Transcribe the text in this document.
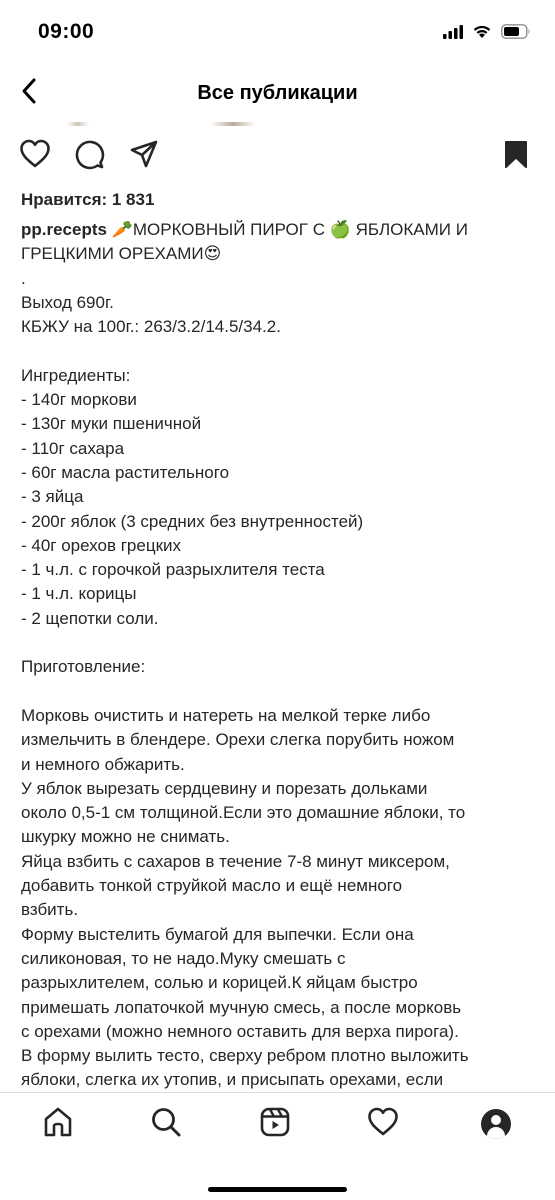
09:00
Все публикации
Нравится: 1 831
pp.recepts 🥕МОРКОВНЫЙ ПИРОГ С 🍏 ЯБЛОКАМИ И
ГРЕЦКИМИ ОРЕХАМИ😍
.
Выход 690г.
КБЖУ на 100г.: 263/3.2/14.5/34.2.
Ингредиенты:
- 140г моркови
- 130г муки пшеничной
- 110г сахара
- 60г масла растительного
- 3 яйца
- 200г яблок (3 средних без внутренностей)
- 40г орехов грецких
- 1 ч.л. с горочкой разрыхлителя теста
- 1 ч.л. корицы
- 2 щепотки соли.
Приготовление:
Морковь очистить и натереть на мелкой терке либо
измельчить в блендере. Орехи слегка порубить ножом
и немного обжарить.
У яблок вырезать сердцевину и порезать дольками
около 0,5-1 см толщиной.Если это домашние яблоки, то
шкурку можно не снимать.
Яйца взбить с сахаров в течение 7-8 минут миксером,
добавить тонкой струйкой масло и ещё немного
взбить.
Форму выстелить бумагой для выпечки. Если она
силиконовая, то не надо.Муку смешать с
разрыхлителем, солью и корицей.К яйцам быстро
примешать лопаточкой мучную смесь, а после морковь
с орехами (можно немного оставить для верха пирога).
В форму вылить тесто, сверху ребром плотно выложить
яблоки, слегка их утопив, и присыпать орехами, если
